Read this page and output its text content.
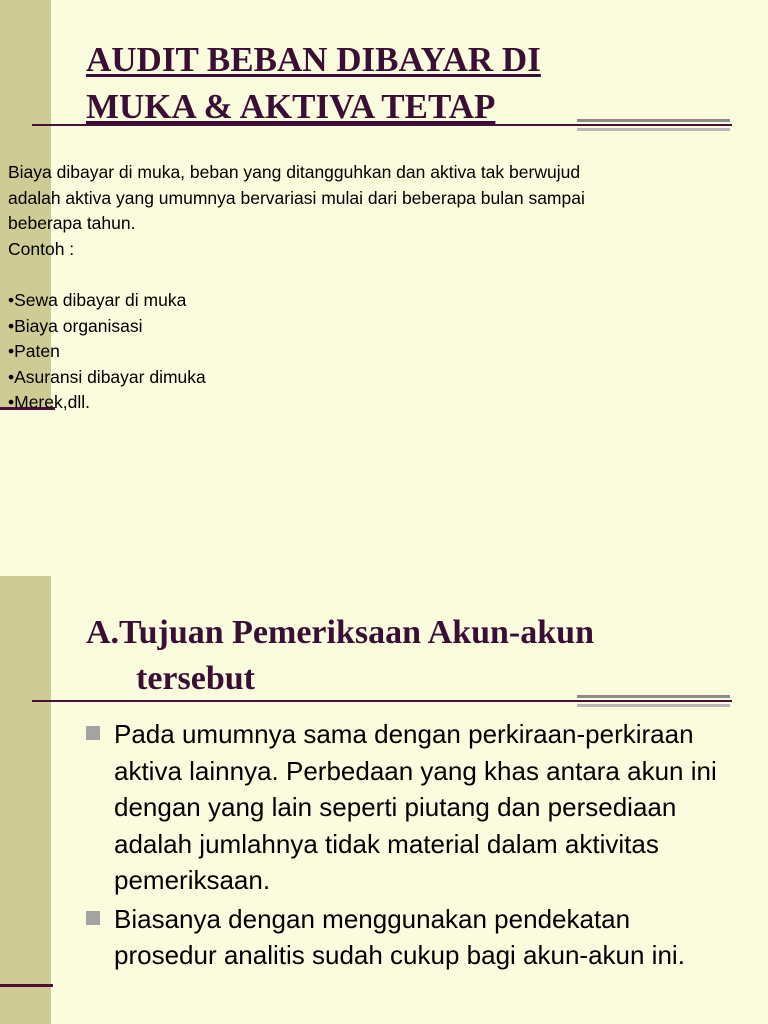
AUDIT BEBAN DIBAYAR DI
MUKA & AKTIVA TETAP

Biaya dibayar di muka, beban yang ditangguhkan dan aktiva tak berwujud

adalah aktiva yang umumnya bervariasi mulai dari beberapa bulan sampai

beberapa tahun.

Contoh :

•Sewa dibayar di muka

•Biaya organisasi

•Paten

•Asuransi dibayar dimuka

•Merek,dll.

A.Tujuan Pemeriksaan Akun-akun
tersebut
Pada umumnya sama dengan perkiraan-perkiraan aktiva lainnya. Perbedaan yang khas antara akun ini dengan yang lain seperti piutang dan persediaan adalah jumlahnya tidak material dalam aktivitas pemeriksaan.
Biasanya dengan menggunakan pendekatan prosedur analitis sudah cukup bagi akun-akun ini.
